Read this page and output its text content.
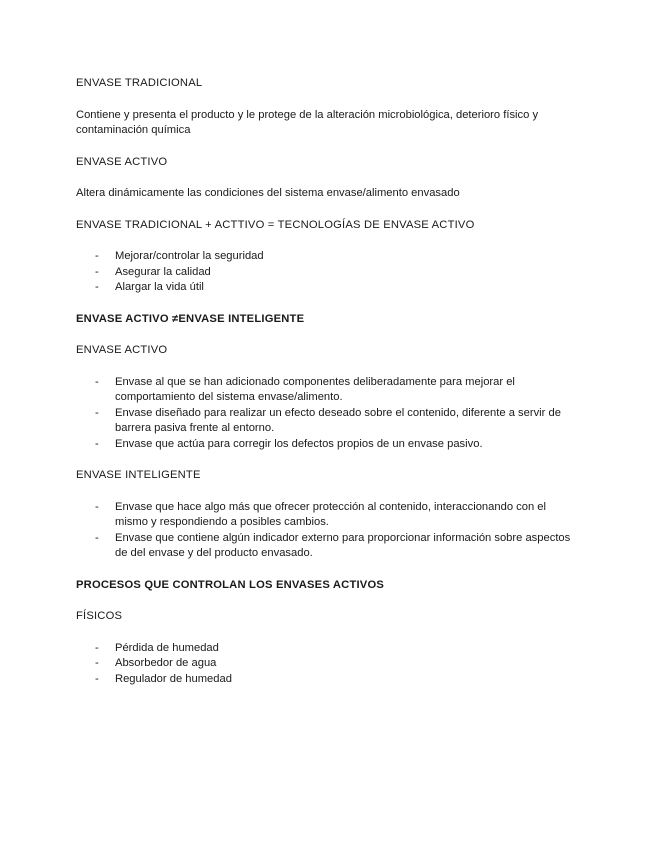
ENVASE TRADICIONAL

Contiene y presenta el producto y le protege de la alteración microbiológica, deterioro físico y contaminación química

ENVASE ACTIVO

Altera dinámicamente las condiciones del sistema envase/alimento envasado

ENVASE TRADICIONAL + ACTTIVO = TECNOLOGÍAS DE ENVASE ACTIVO

- Mejorar/controlar la seguridad
- Asegurar la calidad
- Alargar la vida útil

ENVASE ACTIVO ≠ENVASE INTELIGENTE

ENVASE ACTIVO

- Envase al que se han adicionado componentes deliberadamente para mejorar el comportamiento del sistema envase/alimento.
- Envase diseñado para realizar un efecto deseado sobre el contenido, diferente a servir de barrera pasiva frente al entorno.
- Envase que actúa para corregir los defectos propios de un envase pasivo.

ENVASE INTELIGENTE

- Envase que hace algo más que ofrecer protección al contenido, interaccionando con el mismo y respondiendo a posibles cambios.
- Envase que contiene algún indicador externo para proporcionar información sobre aspectos de del envase y del producto envasado.

PROCESOS QUE CONTROLAN LOS ENVASES ACTIVOS

FÍSICOS

- Pérdida de humedad
- Absorbedor de agua
- Regulador de humedad
